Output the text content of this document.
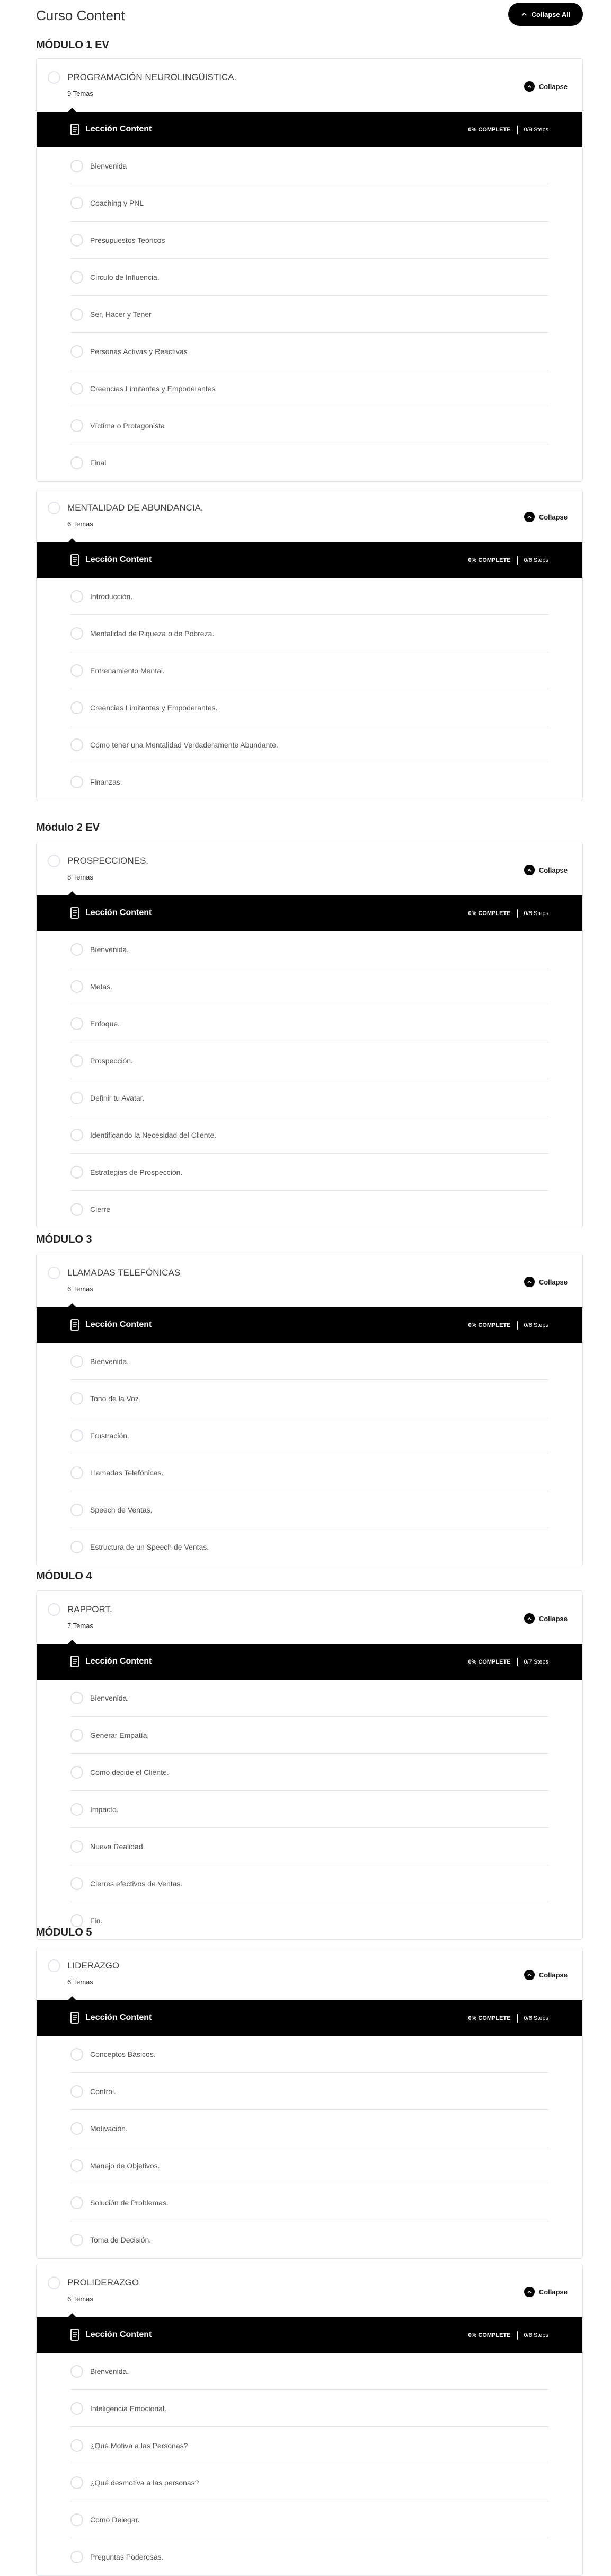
Curso Content	Collapse All
MÓDULO 1 EV
PROGRAMACIÓN NEUROLINGÜISTICA.
9 Temas
Collapse
Lección Content	0% COMPLETE 0/9 Steps
Bienvenida
Coaching y PNL
Presupuestos Teóricos
Circulo de Influencia.
Ser, Hacer y Tener
Personas Activas y Reactivas
Creencias Limitantes y Empoderantes
Víctima o Protagonista
Final
MENTALIDAD DE ABUNDANCIA.
6 Temas
Collapse
Lección Content	0% COMPLETE 0/6 Steps
Introducción.
Mentalidad de Riqueza o de Pobreza.
Entrenamiento Mental.
Creencias Limitantes y Empoderantes.
Cómo tener una Mentalidad Verdaderamente Abundante.
Finanzas.
Módulo 2 EV
PROSPECCIONES.
8 Temas
Collapse
Lección Content	0% COMPLETE 0/8 Steps
Bienvenida.
Metas.
Enfoque.
Prospección.
Definir tu Avatar.
Identificando la Necesidad del Cliente.
Estrategias de Prospección.
Cierre
MÓDULO 3
LLAMADAS TELEFÓNICAS
6 Temas
Collapse
Lección Content	0% COMPLETE 0/6 Steps
Bienvenida.
Tono de la Voz
Frustración.
Llamadas Telefónicas.
Speech de Ventas.
Estructura de un Speech de Ventas.
MÓDULO 4
RAPPORT.
7 Temas
Collapse
Lección Content	0% COMPLETE 0/7 Steps
Bienvenida.
Generar Empatía.
Como decide el Cliente.
Impacto.
Nueva Realidad.
Cierres efectivos de Ventas.
Fin.
MÓDULO 5
LIDERAZGO
6 Temas
Collapse
Lección Content	0% COMPLETE 0/6 Steps
Conceptos Básicos.
Control.
Motivación.
Manejo de Objetivos.
Solución de Problemas.
Toma de Decisión.
PROLIDERAZGO
6 Temas
Collapse
Lección Content	0% COMPLETE 0/6 Steps
Bienvenida.
Inteligencia Emocional.
¿Qué Motiva a las Personas?
¿Qué desmotiva a las personas?
Como Delegar.
Preguntas Poderosas.
